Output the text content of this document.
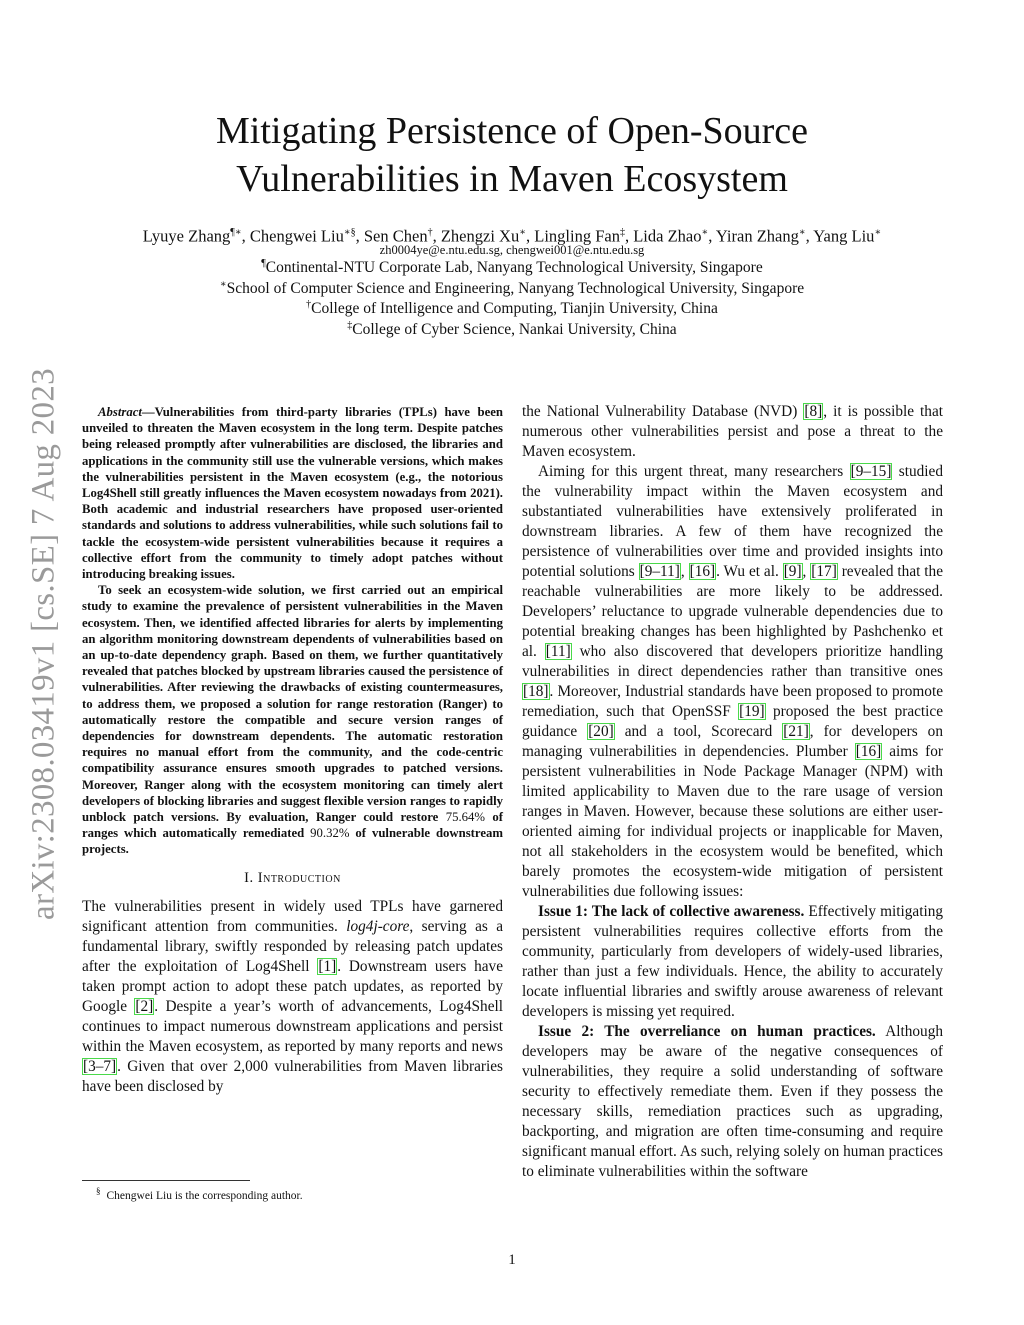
arXiv:2308.03419v1 [cs.SE] 7 Aug 2023
Mitigating Persistence of Open-Source
Vulnerabilities in Maven Ecosystem
Lyuye Zhang¶∗, Chengwei Liu∗§, Sen Chen†, Zhengzi Xu∗, Lingling Fan‡, Lida Zhao∗, Yiran Zhang∗, Yang Liu∗
zh0004ye@e.ntu.edu.sg, chengwei001@e.ntu.edu.sg
¶Continental-NTU Corporate Lab, Nanyang Technological University, Singapore
∗School of Computer Science and Engineering, Nanyang Technological University, Singapore
†College of Intelligence and Computing, Tianjin University, China
‡College of Cyber Science, Nankai University, China

Abstract—Vulnerabilities from third-party libraries (TPLs) have been unveiled to threaten the Maven ecosystem in the long term. Despite patches being released promptly after vulnerabilities are disclosed, the libraries and applications in the community still use the vulnerable versions, which makes the vulnerabilities persistent in the Maven ecosystem (e.g., the notorious Log4Shell still greatly influences the Maven ecosystem nowadays from 2021). Both academic and industrial researchers have proposed user-oriented standards and solutions to address vulnerabilities, while such solutions fail to tackle the ecosystem-wide persistent vulnerabilities because it requires a collective effort from the community to timely adopt patches without introducing breaking issues.

To seek an ecosystem-wide solution, we first carried out an empirical study to examine the prevalence of persistent vulnerabilities in the Maven ecosystem. Then, we identified affected libraries for alerts by implementing an algorithm monitoring downstream dependents of vulnerabilities based on an up-to-date dependency graph. Based on them, we further quantitatively revealed that patches blocked by upstream libraries caused the persistence of vulnerabilities. After reviewing the drawbacks of existing countermeasures, to address them, we proposed a solution for range restoration (Ranger) to automatically restore the compatible and secure version ranges of dependencies for downstream dependents. The automatic restoration requires no manual effort from the community, and the code-centric compatibility assurance ensures smooth upgrades to patched versions. Moreover, Ranger along with the ecosystem monitoring can timely alert developers of blocking libraries and suggest flexible version ranges to rapidly unblock patch versions. By evaluation, Ranger could restore 75.64% of ranges which automatically remediated 90.32% of vulnerable downstream projects.

I. Introduction

The vulnerabilities present in widely used TPLs have garnered significant attention from communities. log4j-core, serving as a fundamental library, swiftly responded by releasing patch updates after the exploitation of Log4Shell [1]. Downstream users have taken prompt action to adopt these patch updates, as reported by Google [2]. Despite a year’s worth of advancements, Log4Shell continues to impact numerous downstream applications and persist within the Maven ecosystem, as reported by many reports and news [3–7]. Given that over 2,000 vulnerabilities from Maven libraries have been disclosed by

the National Vulnerability Database (NVD) [8], it is possible that numerous other vulnerabilities persist and pose a threat to the Maven ecosystem.

Aiming for this urgent threat, many researchers [9–15] studied the vulnerability impact within the Maven ecosystem and substantiated vulnerabilities have extensively proliferated in downstream libraries. A few of them have recognized the persistence of vulnerabilities over time and provided insights into potential solutions [9–11], [16]. Wu et al. [9], [17] revealed that the reachable vulnerabilities are more likely to be addressed. Developers’ reluctance to upgrade vulnerable dependencies due to potential breaking changes has been highlighted by Pashchenko et al. [11] who also discovered that developers prioritize handling vulnerabilities in direct dependencies rather than transitive ones [18]. Moreover, Industrial standards have been proposed to promote remediation, such that OpenSSF [19] proposed the best practice guidance [20] and a tool, Scorecard [21], for developers on managing vulnerabilities in dependencies. Plumber [16] aims for persistent vulnerabilities in Node Package Manager (NPM) with limited applicability to Maven due to the rare usage of version ranges in Maven. However, because these solutions are either user-oriented aiming for individual projects or inapplicable for Maven, not all stakeholders in the ecosystem would be benefited, which barely promotes the ecosystem-wide mitigation of persistent vulnerabilities due following issues:

Issue 1: The lack of collective awareness. Effectively mitigating persistent vulnerabilities requires collective efforts from the community, particularly from developers of widely-used libraries, rather than just a few individuals. Hence, the ability to accurately locate influential libraries and swiftly arouse awareness of relevant developers is missing yet required.

Issue 2: The overreliance on human practices. Although developers may be aware of the negative consequences of vulnerabilities, they require a solid understanding of software security to effectively remediate them. Even if they possess the necessary skills, remediation practices such as upgrading, backporting, and migration are often time-consuming and require significant manual effort. As such, relying solely on human practices to eliminate vulnerabilities within the software

§ Chengwei Liu is the corresponding author.
1
